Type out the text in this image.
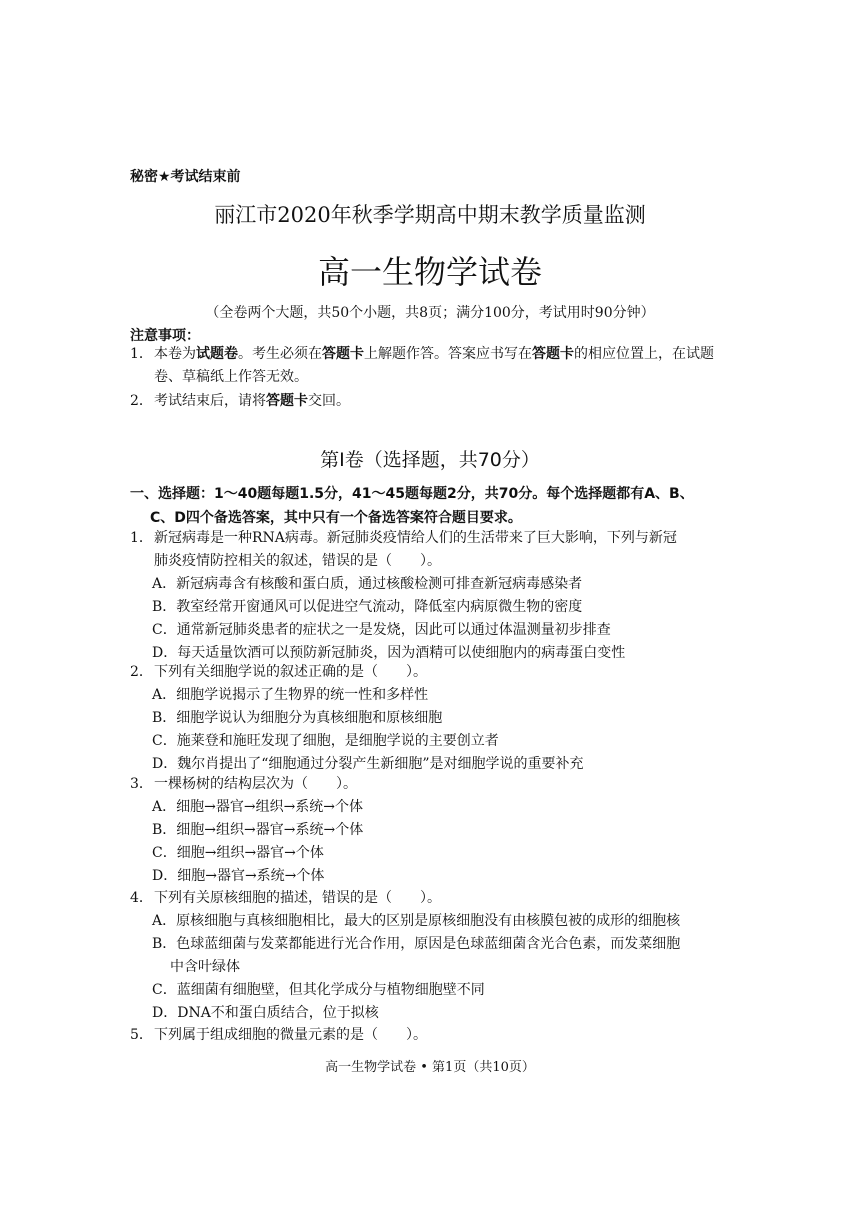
秘密★考试结束前
丽江市2020年秋季学期高中期末教学质量监测
高一生物学试卷
（全卷两个大题，共50个小题，共8页；满分100分，考试用时90分钟）
注意事项：
1． 本卷为试题卷。考生必须在答题卡上解题作答。答案应书写在答题卡的相应位置上，在试题卷、草稿纸上作答无效。
2． 考试结束后，请将答题卡交回。
第Ⅰ卷（选择题，共70分）
一、选择题：1～40题每题1.5分，41～45题每题2分，共70分。每个选择题都有A、B、
C、D四个备选答案，其中只有一个备选答案符合题目要求。
1．新冠病毒是一种RNA病毒。新冠肺炎疫情给人们的生活带来了巨大影响，下列与新冠
肺炎疫情防控相关的叙述，错误的是（　　）。
A．新冠病毒含有核酸和蛋白质，通过核酸检测可排查新冠病毒感染者
B．教室经常开窗通风可以促进空气流动，降低室内病原微生物的密度
C．通常新冠肺炎患者的症状之一是发烧，因此可以通过体温测量初步排查
D．每天适量饮酒可以预防新冠肺炎，因为酒精可以使细胞内的病毒蛋白变性
2．下列有关细胞学说的叙述正确的是（　　）。
A．细胞学说揭示了生物界的统一性和多样性
B．细胞学说认为细胞分为真核细胞和原核细胞
C．施莱登和施旺发现了细胞，是细胞学说的主要创立者
D．魏尔肖提出了“细胞通过分裂产生新细胞”是对细胞学说的重要补充
3．一棵杨树的结构层次为（　　）。
A．细胞→器官→组织→系统→个体
B．细胞→组织→器官→系统→个体
C．细胞→组织→器官→个体
D．细胞→器官→系统→个体
4．下列有关原核细胞的描述，错误的是（　　）。
A．原核细胞与真核细胞相比，最大的区别是原核细胞没有由核膜包被的成形的细胞核
B．色球蓝细菌与发菜都能进行光合作用，原因是色球蓝细菌含光合色素，而发菜细胞
中含叶绿体
C．蓝细菌有细胞壁，但其化学成分与植物细胞壁不同
D．DNA不和蛋白质结合，位于拟核
5．下列属于组成细胞的微量元素的是（　　）。
高一生物学试卷 • 第1页（共10页）
